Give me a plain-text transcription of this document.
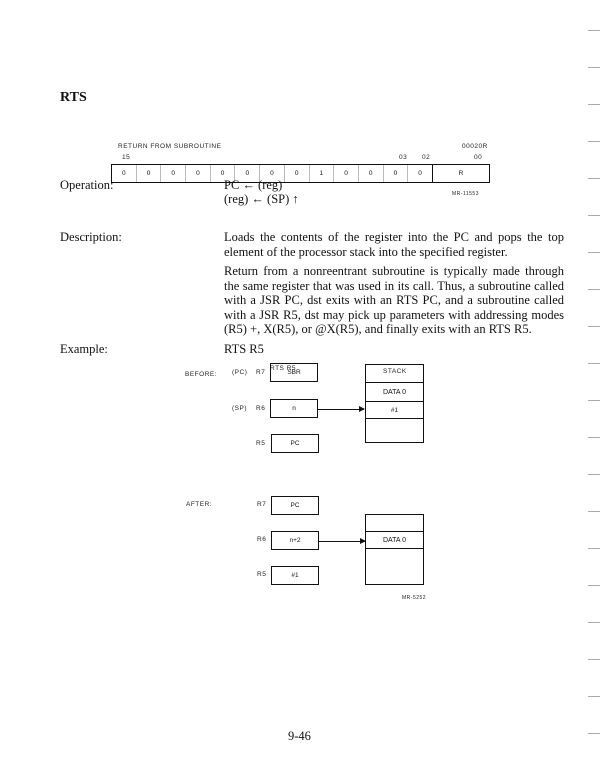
RTS
RETURN FROM SUBROUTINE	00020R
15	03 02	00
0	0	0	0	0	0	0	0	1	0	0	0	0	R
MR-11553
Operation:	PC ← (reg)
(reg) ← (SP) ↑
Description:	Loads the contents of the register into the PC and pops the top element of the processor stack into the specified register.
Return from a nonreentrant subroutine is typically made through the same register that was used in its call. Thus, a subroutine called with a JSR PC, dst exits with an RTS PC, and a subroutine called with a JSR R5, dst may pick up parameters with addressing modes (R5) +, X(R5), or @X(R5), and finally exits with an RTS R5.
Example:	RTS R5
RTS R5	STACK
BEFORE: (PC)
(SP)
R7
R6
R5
SBR
n
PC
DATA 0
#1
AFTER:	R7
R6
R5
PC
n+2
#1
DATA 0
MR-5252
9-46
